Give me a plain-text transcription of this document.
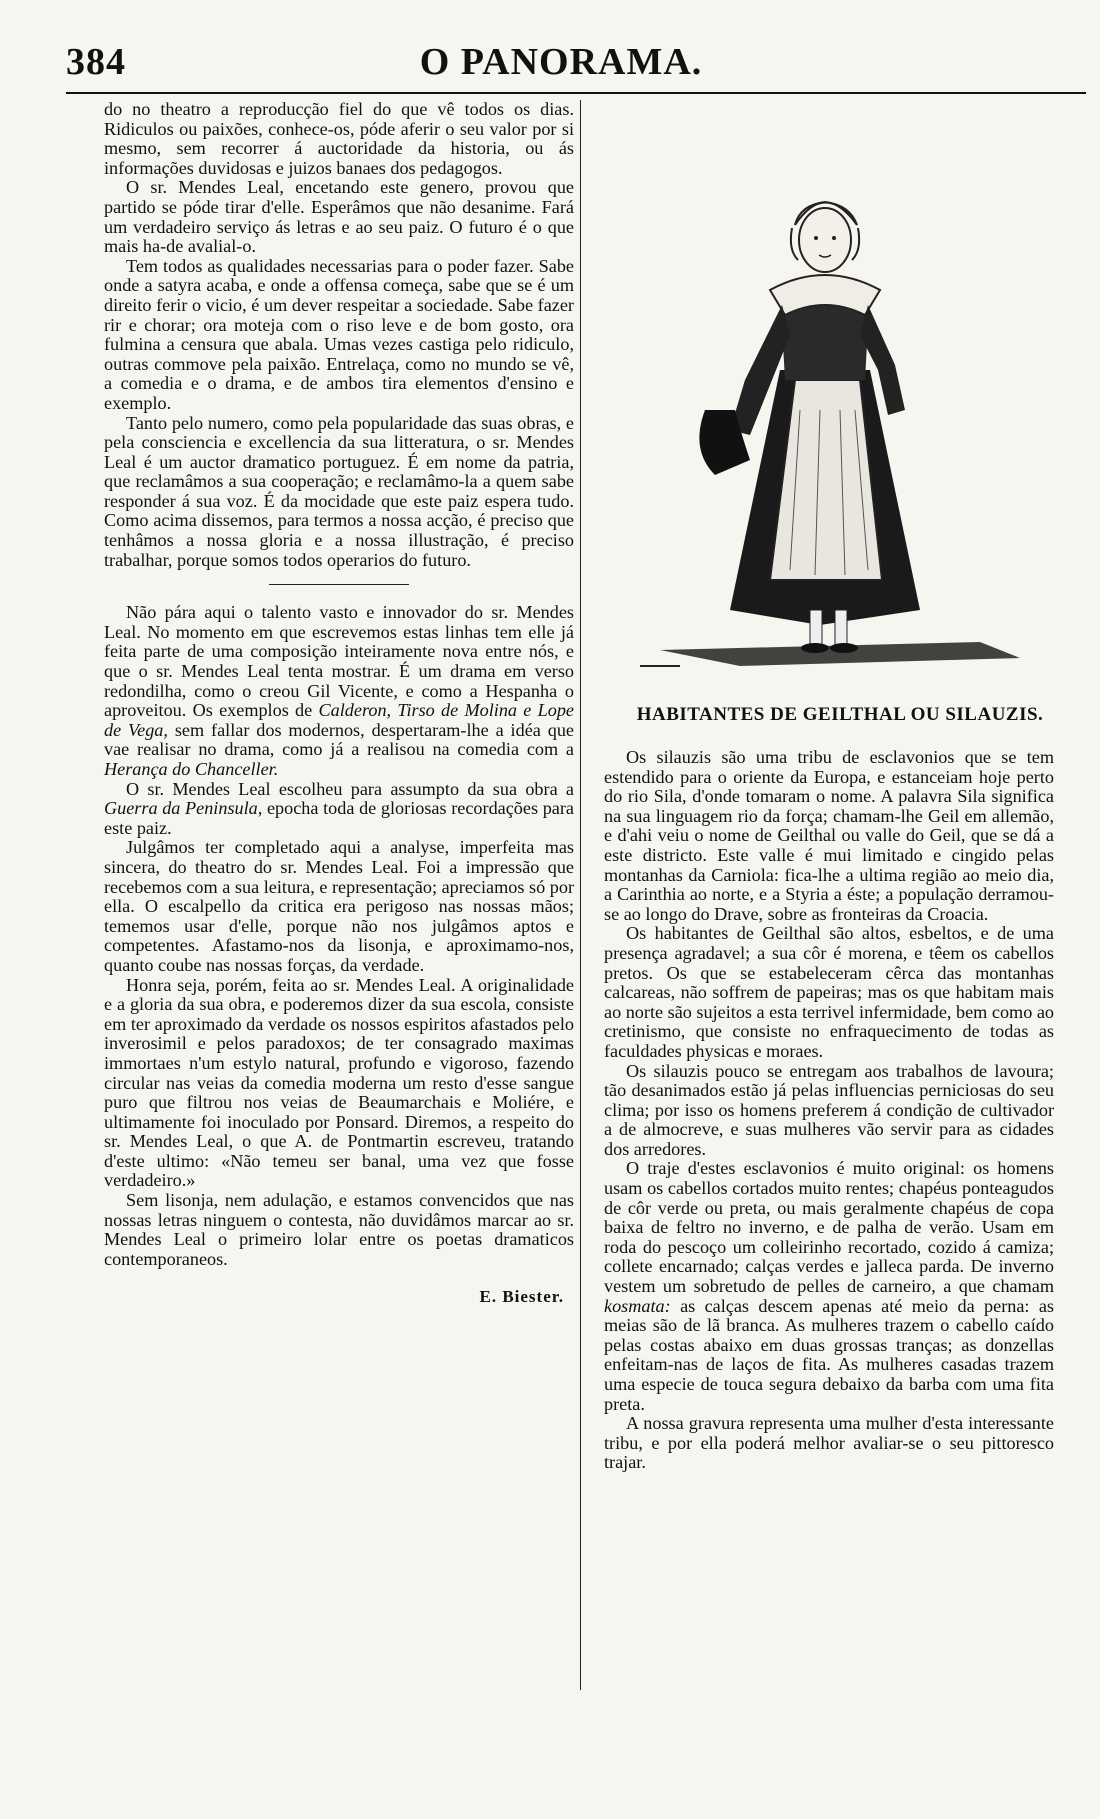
384	O PANORAMA.

do no theatro a reproducção fiel do que vê todos os dias. Ridiculos ou paixões, conhece-os, póde aferir o seu valor por si mesmo, sem recorrer á auctoridade da historia, ou ás informações duvidosas e juizos banaes dos pedagogos.

O sr. Mendes Leal, encetando este genero, provou que partido se póde tirar d'elle. Esperâmos que não desanime. Fará um verdadeiro serviço ás letras e ao seu paiz. O futuro é o que mais ha-de avalial-o.

Tem todos as qualidades necessarias para o poder fazer. Sabe onde a satyra acaba, e onde a offensa começa, sabe que se é um direito ferir o vicio, é um dever respeitar a sociedade. Sabe fazer rir e chorar; ora moteja com o riso leve e de bom gosto, ora fulmina a censura que abala. Umas vezes castiga pelo ridiculo, outras commove pela paixão. Entrelaça, como no mundo se vê, a comedia e o drama, e de ambos tira elementos d'ensino e exemplo.

Tanto pelo numero, como pela popularidade das suas obras, e pela consciencia e excellencia da sua litteratura, o sr. Mendes Leal é um auctor dramatico portuguez. É em nome da patria, que reclamâmos a sua cooperação; e reclamâmo-la a quem sabe responder á sua voz. É da mocidade que este paiz espera tudo. Como acima dissemos, para termos a nossa acção, é preciso que tenhâmos a nossa gloria e a nossa illustração, é preciso trabalhar, porque somos todos operarios do futuro.

Não pára aqui o talento vasto e innovador do sr. Mendes Leal. No momento em que escrevemos estas linhas tem elle já feita parte de uma composição inteiramente nova entre nós, e que o sr. Mendes Leal tenta mostrar. É um drama em verso redondilha, como o creou Gil Vicente, e como a Hespanha o aproveitou. Os exemplos de Calderon, Tirso de Molina e Lope de Vega, sem fallar dos modernos, despertaram-lhe a idéa que vae realisar no drama, como já a realisou na comedia com a Herança do Chanceller.

O sr. Mendes Leal escolheu para assumpto da sua obra a Guerra da Peninsula, epocha toda de gloriosas recordações para este paiz.

Julgâmos ter completado aqui a analyse, imperfeita mas sincera, do theatro do sr. Mendes Leal. Foi a impressão que recebemos com a sua leitura, e representação; apreciamos só por ella. O escalpello da critica era perigoso nas nossas mãos; tememos usar d'elle, porque não nos julgâmos aptos e competentes. Afastamo-nos da lisonja, e aproximamo-nos, quanto coube nas nossas forças, da verdade.

Honra seja, porém, feita ao sr. Mendes Leal. A originalidade e a gloria da sua obra, e poderemos dizer da sua escola, consiste em ter aproximado da verdade os nossos espiritos afastados pelo inverosimil e pelos paradoxos; de ter consagrado maximas immortaes n'um estylo natural, profundo e vigoroso, fazendo circular nas veias da comedia moderna um resto d'esse sangue puro que filtrou nos veias de Beaumarchais e Moliére, e ultimamente foi inoculado por Ponsard. Diremos, a respeito do sr. Mendes Leal, o que A. de Pontmartin escreveu, tratando d'este ultimo: «Não temeu ser banal, uma vez que fosse verdadeiro.»

Sem lisonja, nem adulação, e estamos convencidos que nas nossas letras ninguem o contesta, não duvidâmos marcar ao sr. Mendes Leal o primeiro lolar entre os poetas dramaticos contemporaneos.

E. Biester.
HABITANTES DE GEILTHAL OU SILAUZIS.

Os silauzis são uma tribu de esclavonios que se tem estendido para o oriente da Europa, e estanceiam hoje perto do rio Sila, d'onde tomaram o nome. A palavra Sila significa na sua linguagem rio da força; chamam-lhe Geil em allemão, e d'ahi veiu o nome de Geilthal ou valle do Geil, que se dá a este districto. Este valle é mui limitado e cingido pelas montanhas da Carniola: fica-lhe a ultima região ao meio dia, a Carinthia ao norte, e a Styria a éste; a população derramou-se ao longo do Drave, sobre as fronteiras da Croacia.

Os habitantes de Geilthal são altos, esbeltos, e de uma presença agradavel; a sua côr é morena, e têem os cabellos pretos. Os que se estabeleceram cêrca das montanhas calcareas, não soffrem de papeiras; mas os que habitam mais ao norte são sujeitos a esta terrivel infermidade, bem como ao cretinismo, que consiste no enfraquecimento de todas as faculdades physicas e moraes.

Os silauzis pouco se entregam aos trabalhos de lavoura; tão desanimados estão já pelas influencias perniciosas do seu clima; por isso os homens preferem á condição de cultivador a de almocreve, e suas mulheres vão servir para as cidades dos arredores.

O traje d'estes esclavonios é muito original: os homens usam os cabellos cortados muito rentes; chapéus ponteagudos de côr verde ou preta, ou mais geralmente chapéus de copa baixa de feltro no inverno, e de palha de verão. Usam em roda do pescoço um colleirinho recortado, cozido á camiza; collete encarnado; calças verdes e jalleca parda. De inverno vestem um sobretudo de pelles de carneiro, a que chamam kosmata: as calças descem apenas até meio da perna: as meias são de lã branca. As mulheres trazem o cabello caído pelas costas abaixo em duas grossas tranças; as donzellas enfeitam-nas de laços de fita. As mulheres casadas trazem uma especie de touca segura debaixo da barba com uma fita preta.

A nossa gravura representa uma mulher d'esta interessante tribu, e por ella poderá melhor avaliar-se o seu pittoresco trajar.
